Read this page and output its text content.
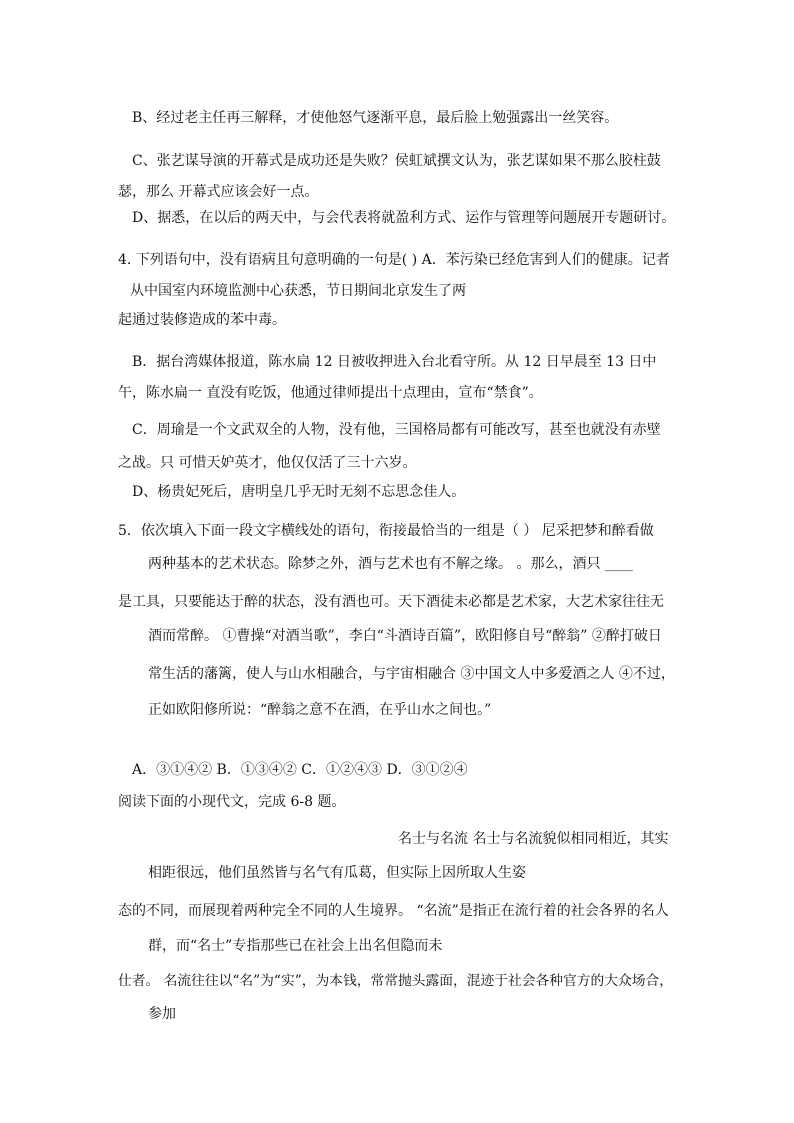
B、经过老主任再三解释，才使他怒气逐渐平息，最后脸上勉强露出一丝笑容。
C、张艺谋导演的开幕式是成功还是失败？侯虹斌撰文认为，张艺谋如果不那么胶柱鼓
瑟，那么 开幕式应该会好一点。
D、据悉，在以后的两天中，与会代表将就盈利方式、运作与管理等问题展开专题研讨。
4. 下列语句中，没有语病且句意明确的一句是( ) A．苯污染已经危害到人们的健康。记者
从中国室内环境监测中心获悉，节日期间北京发生了两
起通过装修造成的苯中毒。
B．据台湾媒体报道，陈水扁 12 日被收押进入台北看守所。从 12 日早晨至 13 日中
午，陈水扁一 直没有吃饭，他通过律师提出十点理由，宣布“禁食”。
C．周瑜是一个文武双全的人物，没有他，三国格局都有可能改写，甚至也就没有赤壁
之战。只 可惜天妒英才，他仅仅活了三十六岁。
D、杨贵妃死后，唐明皇几乎无时无刻不忘思念佳人。
5．依次填入下面一段文字横线处的语句，衔接最恰当的一组是（ ） 尼采把梦和醉看做
两种基本的艺术状态。除梦之外，酒与艺术也有不解之缘。 。那么，酒只 ____
是工具，只要能达于醉的状态，没有酒也可。天下酒徒未必都是艺术家，大艺术家往往无
酒而常醉。 ①曹操“对酒当歌”，李白“斗酒诗百篇”，欧阳修自号“醉翁” ②醉打破日
常生活的藩篱，使人与山水相融合，与宇宙相融合 ③中国文人中多爱酒之人 ④不过，
正如欧阳修所说：“醉翁之意不在酒，在乎山水之间也。”
A．③①④② B．①③④② C．①②④③ D．③①②④
阅读下面的小现代文，完成 6-8 题。
名士与名流 名士与名流貌似相同相近，其实
相距很远，他们虽然皆与名气有瓜葛，但实际上因所取人生姿
态的不同，而展现着两种完全不同的人生境界。 “名流”是指正在流行着的社会各界的名人
群，而“名士”专指那些已在社会上出名但隐而未
仕者。 名流往往以“名”为“实”，为本钱，常常抛头露面，混迹于社会各种官方的大众场合，
参加
